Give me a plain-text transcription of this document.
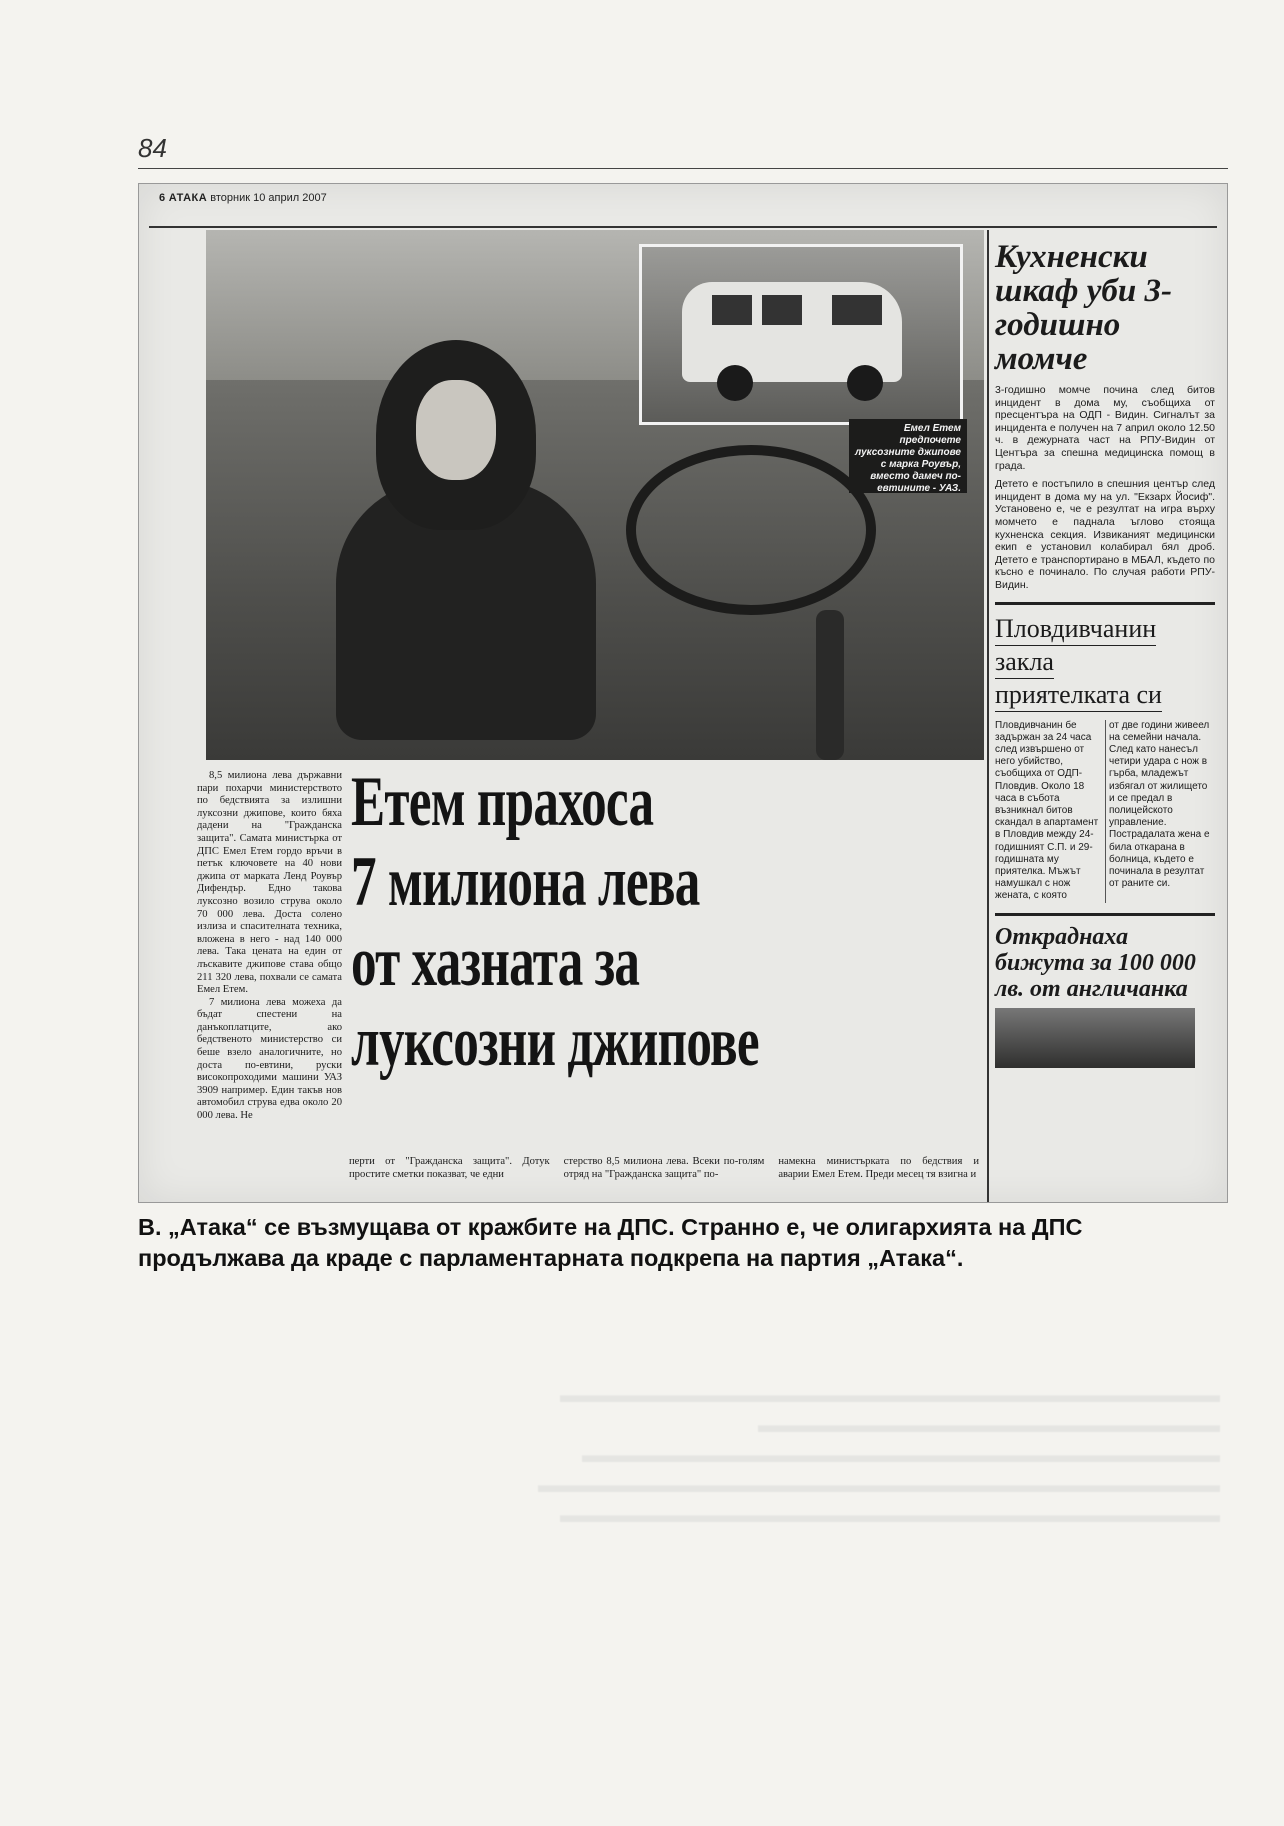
84
6 АТАКА вторник 10 април 2007
Емел Етем предпочете луксозните джипове с марка Роувър, вместо дамеч по-евтините - УАЗ.

8,5 милиона лева държавни пари похарчи министерството по бедствията за излишни луксозни джипове, които бяха дадени на "Гражданска защита". Самата министърка от ДПС Емел Етем гордо връчи в петък ключовете на 40 нови джипа от марката Ленд Роувър Дифендър. Едно такова луксозно возило струва около 70 000 лева. Доста солено излиза и спасителната техника, вложена в него - над 140 000 лева. Така цената на един от лъскавите джипове става общо 211 320 лева, похвали се самата Емел Етем.

7 милиона лева можеха да бъдат спестени на данъкоплатците, ако бедственото министерство си беше взело аналогичните, но доста по-евтини, руски високопроходими машини УАЗ 3909 например. Един такъв нов автомобил струва едва около 20 000 лева. Не

Етем прахоса
7 милиона лева
от хазната за
луксозни джипове

перти от "Гражданска защита". Дотук простите сметки показват, че едни

стерство 8,5 милиона лева. Всеки по-голям отряд на "Гражданска защита" по-

намекна министърката по бедствия и аварии Емел Етем. Преди месец тя взигна и

Кухненски шкаф уби 3-годишно момче

3-годишно момче почина след битов инцидент в дома му, съобщиха от пресцентъра на ОДП - Видин. Сигналът за инцидента е получен на 7 април около 12.50 ч. в дежурната част на РПУ-Видин от Центъра за спешна медицинска помощ в града.

Детето е постъпило в спешния център след инцидент в дома му на ул. "Екзарх Йосиф". Установено е, че е резултат на игра върху момчето е паднала ъглово стояща кухненска секция. Извиканият медицински екип е установил колабирал бял дроб. Детето е транспортирано в МБАЛ, където по късно е починало. По случая работи РПУ-Видин.

Пловдивчанин
закла
приятелката си

Пловдивчанин бе задържан за 24 часа след извършено от него убийство, съобщиха от ОДП-Пловдив. Около 18 часа в събота възникнал битов скандал в апартамент в Пловдив между 24-годишният С.П. и 29-годишната му приятелка. Мъжът намушкал с нож жената, с която

от две години живеел на семейни начала. След като нанесъл четири удара с нож в гърба, младежът избягал от жилището и се предал в полицейското управление. Пострадалата жена е била откарана в болница, където е починала в резултат от раните си.

Откраднаха бижута за 100 000 лв. от англичанка
В. „Атака“ се възмущава от кражбите на ДПС. Странно е, че олигархията на ДПС продължава да краде с парламентарната подкрепа на партия „Атака“.
▬▬▬▬▬▬▬▬▬▬▬▬▬▬▬▬▬▬▬▬▬▬▬▬▬▬▬▬▬▬
▬▬▬▬▬▬▬▬▬▬▬▬▬▬▬▬▬▬▬▬▬
▬▬▬▬▬▬▬▬▬▬▬▬▬▬▬▬▬▬▬▬▬▬▬▬▬▬▬▬▬
▬▬▬▬▬▬▬▬▬▬▬▬▬▬▬▬▬▬▬▬▬▬▬▬▬▬▬▬▬▬▬
▬▬▬▬▬▬▬▬▬▬▬▬▬▬▬▬▬▬▬▬▬▬▬▬▬▬▬▬▬▬
